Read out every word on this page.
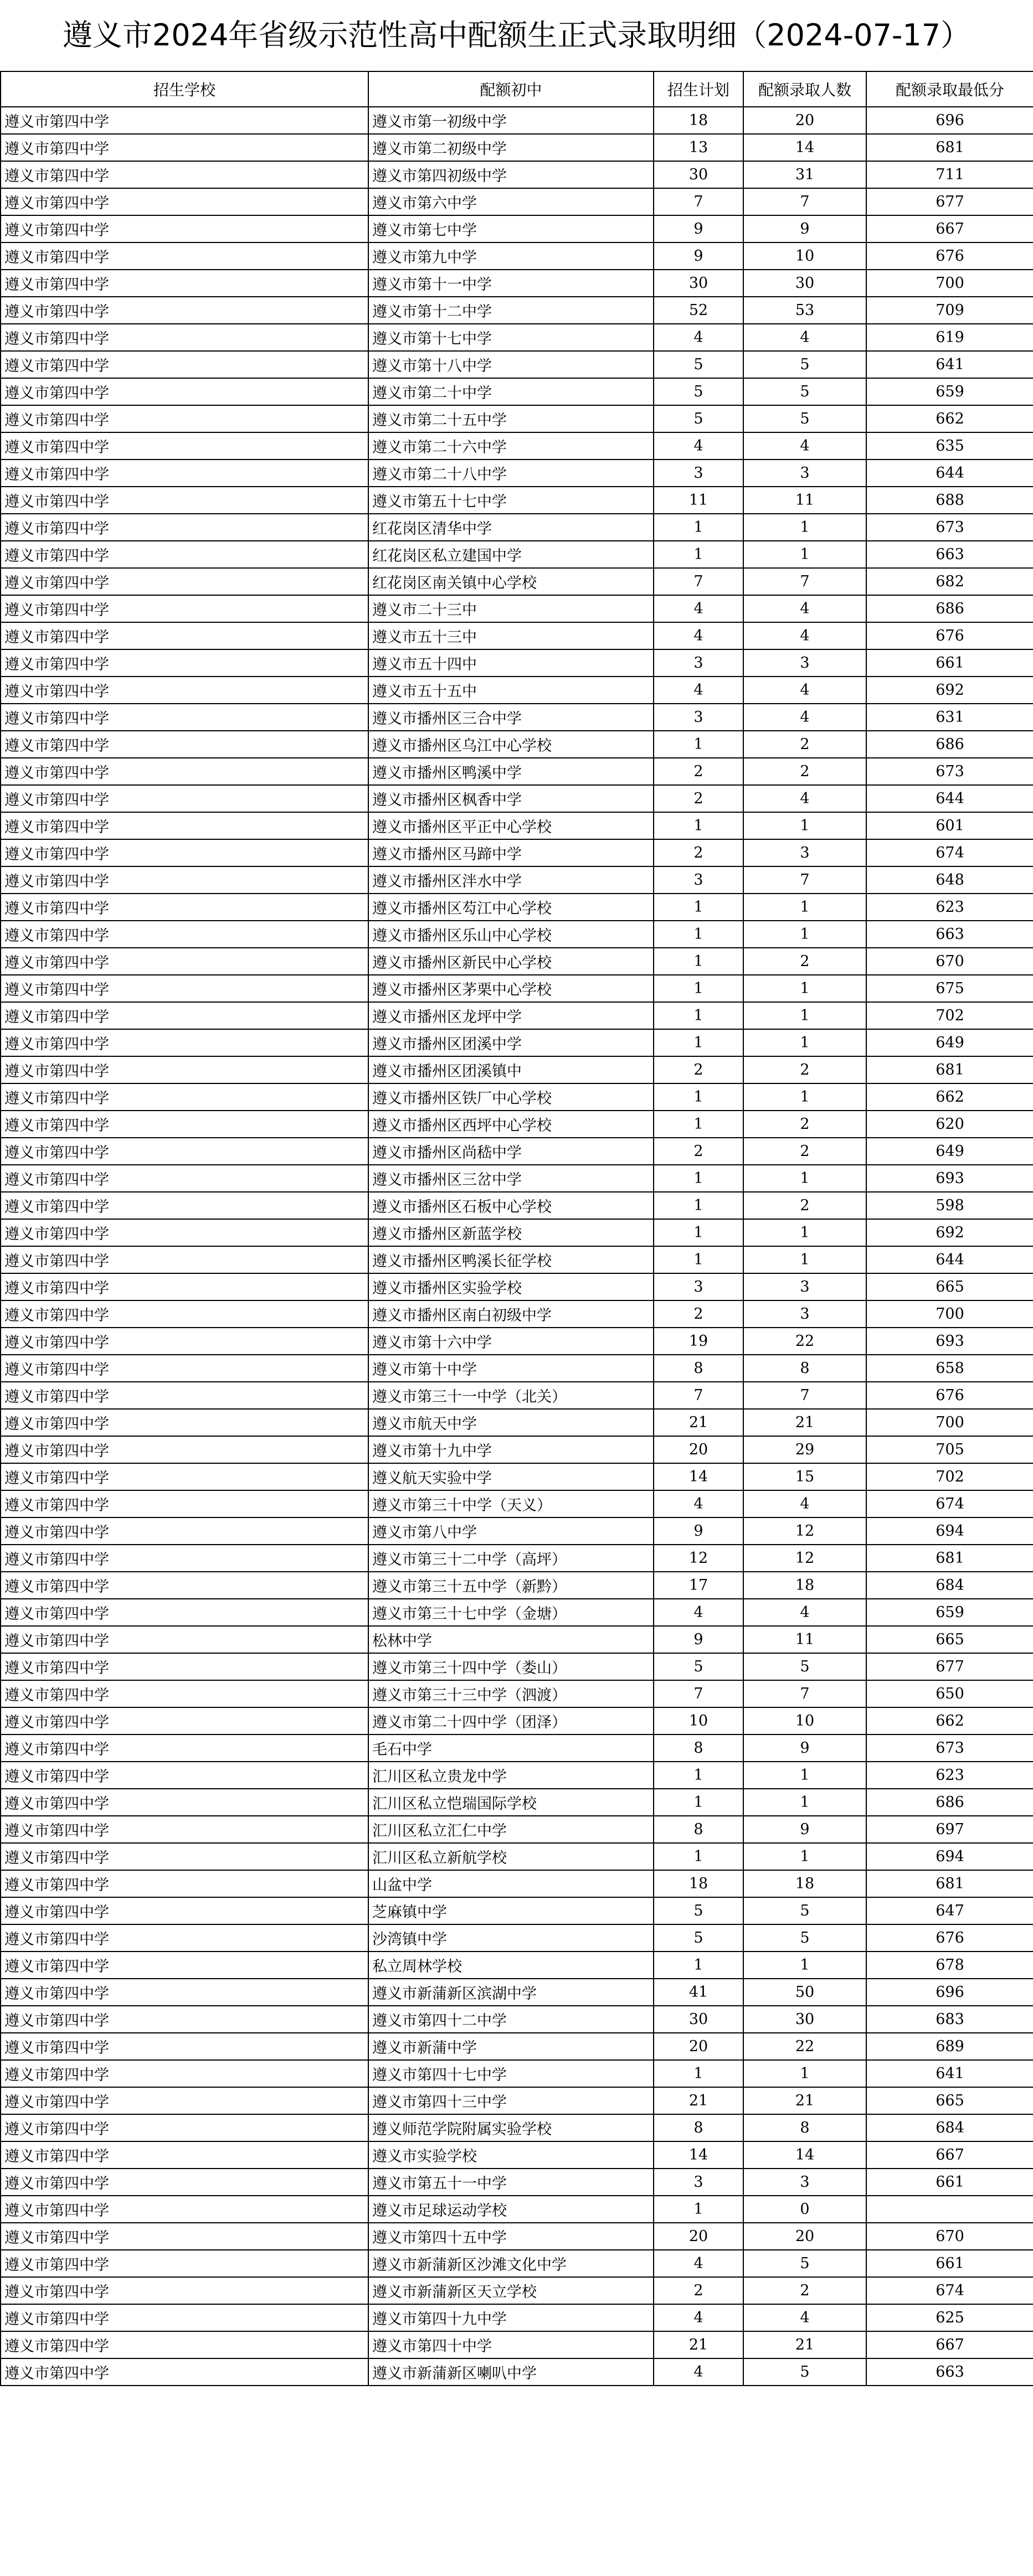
遵义市2024年省级示范性高中配额生正式录取明细（2024-07-17）
招生学校	配额初中	招生计划	配额录取人数	配额录取最低分
遵义市第四中学	遵义市第一初级中学	18	20	696
遵义市第四中学	遵义市第二初级中学	13	14	681
遵义市第四中学	遵义市第四初级中学	30	31	711
遵义市第四中学	遵义市第六中学	7	7	677
遵义市第四中学	遵义市第七中学	9	9	667
遵义市第四中学	遵义市第九中学	9	10	676
遵义市第四中学	遵义市第十一中学	30	30	700
遵义市第四中学	遵义市第十二中学	52	53	709
遵义市第四中学	遵义市第十七中学	4	4	619
遵义市第四中学	遵义市第十八中学	5	5	641
遵义市第四中学	遵义市第二十中学	5	5	659
遵义市第四中学	遵义市第二十五中学	5	5	662
遵义市第四中学	遵义市第二十六中学	4	4	635
遵义市第四中学	遵义市第二十八中学	3	3	644
遵义市第四中学	遵义市第五十七中学	11	11	688
遵义市第四中学	红花岗区清华中学	1	1	673
遵义市第四中学	红花岗区私立建国中学	1	1	663
遵义市第四中学	红花岗区南关镇中心学校	7	7	682
遵义市第四中学	遵义市二十三中	4	4	686
遵义市第四中学	遵义市五十三中	4	4	676
遵义市第四中学	遵义市五十四中	3	3	661
遵义市第四中学	遵义市五十五中	4	4	692
遵义市第四中学	遵义市播州区三合中学	3	4	631
遵义市第四中学	遵义市播州区乌江中心学校	1	2	686
遵义市第四中学	遵义市播州区鸭溪中学	2	2	673
遵义市第四中学	遵义市播州区枫香中学	2	4	644
遵义市第四中学	遵义市播州区平正中心学校	1	1	601
遵义市第四中学	遵义市播州区马蹄中学	2	3	674
遵义市第四中学	遵义市播州区泮水中学	3	7	648
遵义市第四中学	遵义市播州区芶江中心学校	1	1	623
遵义市第四中学	遵义市播州区乐山中心学校	1	1	663
遵义市第四中学	遵义市播州区新民中心学校	1	2	670
遵义市第四中学	遵义市播州区茅栗中心学校	1	1	675
遵义市第四中学	遵义市播州区龙坪中学	1	1	702
遵义市第四中学	遵义市播州区团溪中学	1	1	649
遵义市第四中学	遵义市播州区团溪镇中	2	2	681
遵义市第四中学	遵义市播州区铁厂中心学校	1	1	662
遵义市第四中学	遵义市播州区西坪中心学校	1	2	620
遵义市第四中学	遵义市播州区尚嵇中学	2	2	649
遵义市第四中学	遵义市播州区三岔中学	1	1	693
遵义市第四中学	遵义市播州区石板中心学校	1	2	598
遵义市第四中学	遵义市播州区新蓝学校	1	1	692
遵义市第四中学	遵义市播州区鸭溪长征学校	1	1	644
遵义市第四中学	遵义市播州区实验学校	3	3	665
遵义市第四中学	遵义市播州区南白初级中学	2	3	700
遵义市第四中学	遵义市第十六中学	19	22	693
遵义市第四中学	遵义市第十中学	8	8	658
遵义市第四中学	遵义市第三十一中学（北关）	7	7	676
遵义市第四中学	遵义市航天中学	21	21	700
遵义市第四中学	遵义市第十九中学	20	29	705
遵义市第四中学	遵义航天实验中学	14	15	702
遵义市第四中学	遵义市第三十中学（天义）	4	4	674
遵义市第四中学	遵义市第八中学	9	12	694
遵义市第四中学	遵义市第三十二中学（高坪）	12	12	681
遵义市第四中学	遵义市第三十五中学（新黔）	17	18	684
遵义市第四中学	遵义市第三十七中学（金塘）	4	4	659
遵义市第四中学	松林中学	9	11	665
遵义市第四中学	遵义市第三十四中学（娄山）	5	5	677
遵义市第四中学	遵义市第三十三中学（泗渡）	7	7	650
遵义市第四中学	遵义市第二十四中学（团泽）	10	10	662
遵义市第四中学	毛石中学	8	9	673
遵义市第四中学	汇川区私立贵龙中学	1	1	623
遵义市第四中学	汇川区私立恺瑞国际学校	1	1	686
遵义市第四中学	汇川区私立汇仁中学	8	9	697
遵义市第四中学	汇川区私立新航学校	1	1	694
遵义市第四中学	山盆中学	18	18	681
遵义市第四中学	芝麻镇中学	5	5	647
遵义市第四中学	沙湾镇中学	5	5	676
遵义市第四中学	私立周林学校	1	1	678
遵义市第四中学	遵义市新蒲新区滨湖中学	41	50	696
遵义市第四中学	遵义市第四十二中学	30	30	683
遵义市第四中学	遵义市新蒲中学	20	22	689
遵义市第四中学	遵义市第四十七中学	1	1	641
遵义市第四中学	遵义市第四十三中学	21	21	665
遵义市第四中学	遵义师范学院附属实验学校	8	8	684
遵义市第四中学	遵义市实验学校	14	14	667
遵义市第四中学	遵义市第五十一中学	3	3	661
遵义市第四中学	遵义市足球运动学校	1	0	
遵义市第四中学	遵义市第四十五中学	20	20	670
遵义市第四中学	遵义市新蒲新区沙滩文化中学	4	5	661
遵义市第四中学	遵义市新蒲新区天立学校	2	2	674
遵义市第四中学	遵义市第四十九中学	4	4	625
遵义市第四中学	遵义市第四十中学	21	21	667
遵义市第四中学	遵义市新蒲新区喇叭中学	4	5	663
